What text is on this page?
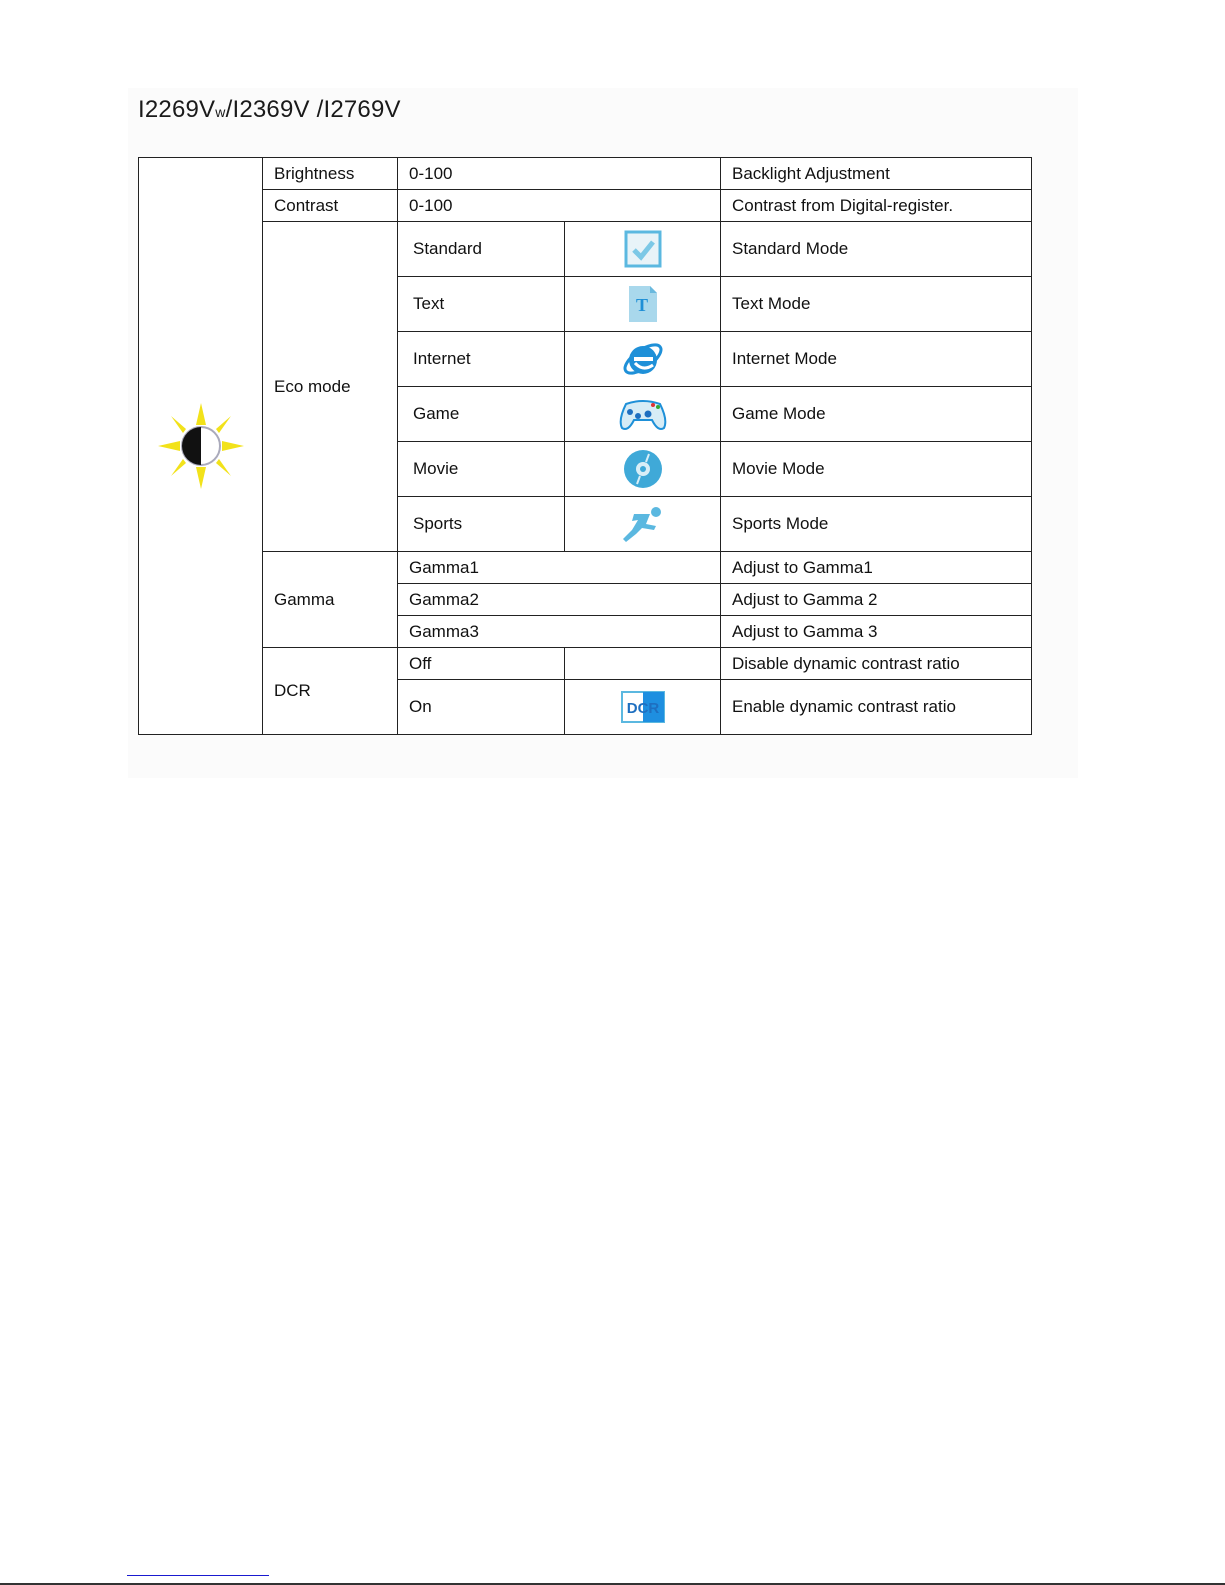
I2269Vw/I2369V /I2769V
	Brightness	0-100		Backlight Adjustment
	Contrast	0-100		Contrast from Digital-register.
	Eco mode	Standard		Standard Mode
		Text	T	Text Mode
		Internet		Internet Mode
		Game		Game Mode
		Movie		Movie Mode
		Sports		Sports Mode
	Gamma	Gamma1		Adjust to Gamma1
		Gamma2		Adjust to Gamma 2
		Gamma3		Adjust to Gamma 3
	DCR	Off		Disable dynamic contrast ratio
		On	DCR	Enable dynamic contrast ratio
